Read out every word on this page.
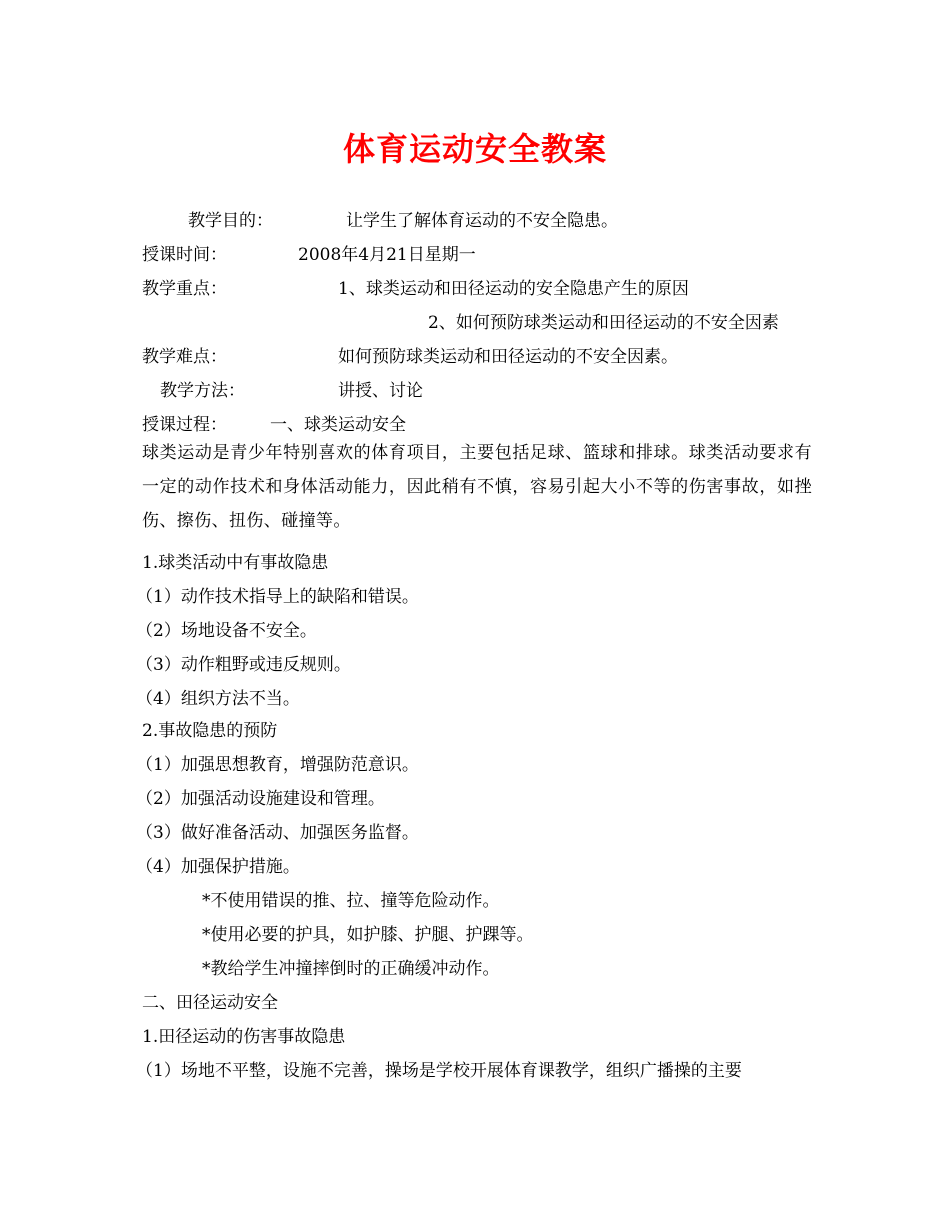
体育运动安全教案
教学目的：	让学生了解体育运动的不安全隐患。
授课时间：	2008年4月21日星期一
教学重点：	1、球类运动和田径运动的安全隐患产生的原因
2、如何预防球类运动和田径运动的不安全因素
教学难点：	如何预防球类运动和田径运动的不安全因素。
教学方法：	讲授、讨论
授课过程：	一、球类运动安全
球类运动是青少年特别喜欢的体育项目，主要包括足球、篮球和排球。球类活动要求有一定的动作技术和身体活动能力，因此稍有不慎，容易引起大小不等的伤害事故，如挫伤、擦伤、扭伤、碰撞等。
1.球类活动中有事故隐患
（1）动作技术指导上的缺陷和错误。
（2）场地设备不安全。
（3）动作粗野或违反规则。
（4）组织方法不当。
2.事故隐患的预防
（1）加强思想教育，增强防范意识。
（2）加强活动设施建设和管理。
（3）做好准备活动、加强医务监督。
（4）加强保护措施。
*不使用错误的推、拉、撞等危险动作。
*使用必要的护具，如护膝、护腿、护踝等。
*教给学生冲撞摔倒时的正确缓冲动作。
二、田径运动安全
1.田径运动的伤害事故隐患
（1）场地不平整，设施不完善，操场是学校开展体育课教学，组织广播操的主要
